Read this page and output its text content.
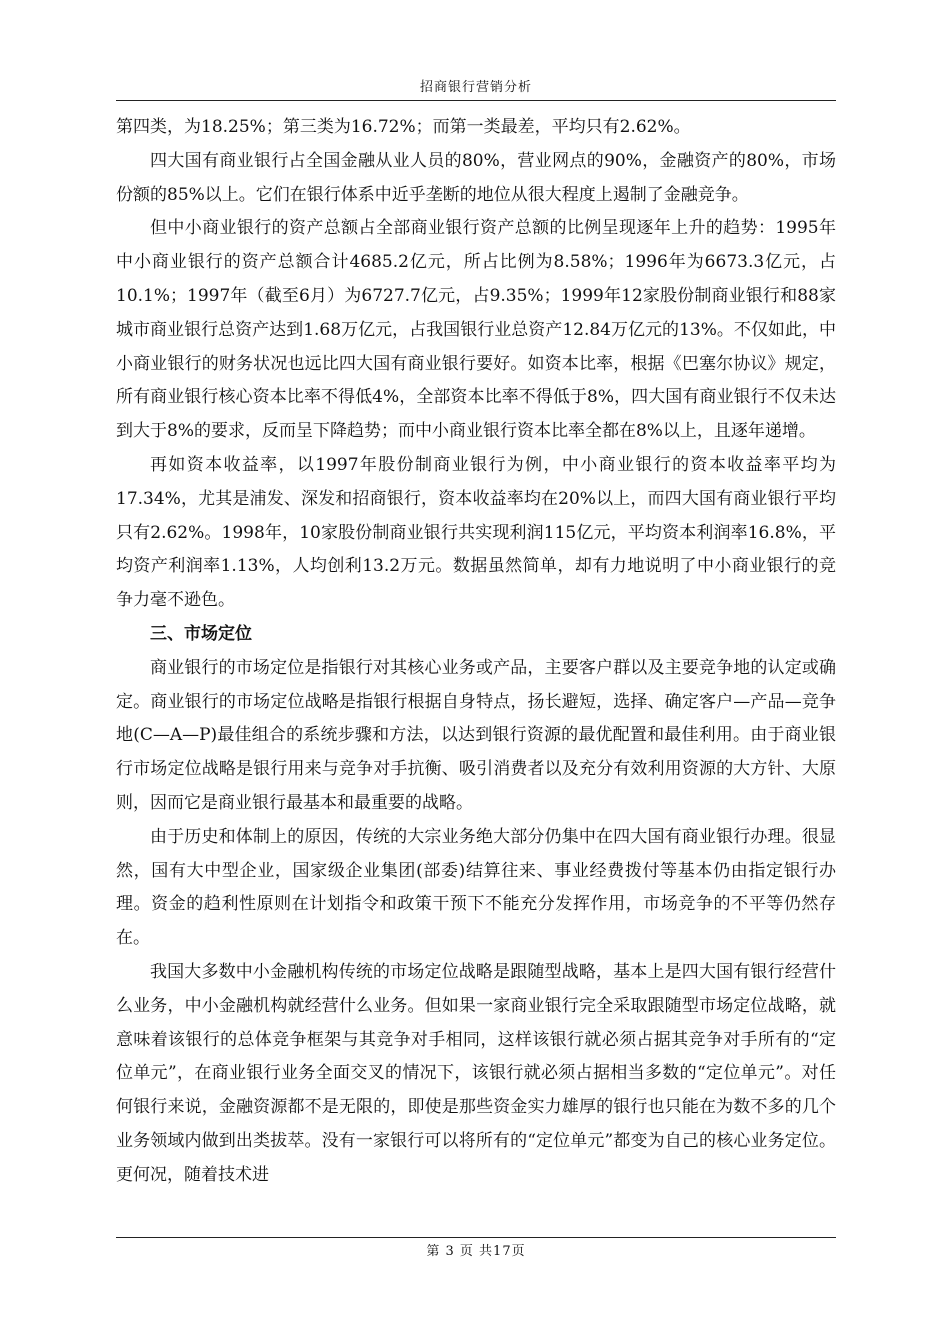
招商银行营销分析

第四类，为18.25%；第三类为16.72%；而第一类最差，平均只有2.62%。

四大国有商业银行占全国金融从业人员的80%，营业网点的90%，金融资产的80%，市场份额的85%以上。它们在银行体系中近乎垄断的地位从很大程度上遏制了金融竞争。

但中小商业银行的资产总额占全部商业银行资产总额的比例呈现逐年上升的趋势：1995年中小商业银行的资产总额合计4685.2亿元，所占比例为8.58%；1996年为6673.3亿元，占10.1%；1997年（截至6月）为6727.7亿元，占9.35%；1999年12家股份制商业银行和88家城市商业银行总资产达到1.68万亿元，占我国银行业总资产12.84万亿元的13%。不仅如此，中小商业银行的财务状况也远比四大国有商业银行要好。如资本比率，根据《巴塞尔协议》规定，所有商业银行核心资本比率不得低4%，全部资本比率不得低于8%，四大国有商业银行不仅未达到大于8%的要求，反而呈下降趋势；而中小商业银行资本比率全都在8%以上，且逐年递增。

再如资本收益率，以1997年股份制商业银行为例，中小商业银行的资本收益率平均为17.34%，尤其是浦发、深发和招商银行，资本收益率均在20%以上，而四大国有商业银行平均只有2.62%。1998年，10家股份制商业银行共实现利润115亿元，平均资本利润率16.8%，平均资产利润率1.13%，人均创利13.2万元。数据虽然简单，却有力地说明了中小商业银行的竞争力毫不逊色。

三、市场定位

商业银行的市场定位是指银行对其核心业务或产品，主要客户群以及主要竞争地的认定或确定。商业银行的市场定位战略是指银行根据自身特点，扬长避短，选择、确定客户—产品—竞争地(C—A—P)最佳组合的系统步骤和方法，以达到银行资源的最优配置和最佳利用。由于商业银行市场定位战略是银行用来与竞争对手抗衡、吸引消费者以及充分有效利用资源的大方针、大原则，因而它是商业银行最基本和最重要的战略。

由于历史和体制上的原因，传统的大宗业务绝大部分仍集中在四大国有商业银行办理。很显然，国有大中型企业，国家级企业集团(部委)结算往来、事业经费拨付等基本仍由指定银行办理。资金的趋利性原则在计划指令和政策干预下不能充分发挥作用，市场竞争的不平等仍然存在。

我国大多数中小金融机构传统的市场定位战略是跟随型战略，基本上是四大国有银行经营什么业务，中小金融机构就经营什么业务。但如果一家商业银行完全采取跟随型市场定位战略，就意味着该银行的总体竞争框架与其竞争对手相同，这样该银行就必须占据其竞争对手所有的“定位单元”，在商业银行业务全面交叉的情况下，该银行就必须占据相当多数的“定位单元”。对任何银行来说，金融资源都不是无限的，即使是那些资金实力雄厚的银行也只能在为数不多的几个业务领域内做到出类拔萃。没有一家银行可以将所有的“定位单元”都变为自己的核心业务定位。更何况，随着技术进

第 3 页 共17页
